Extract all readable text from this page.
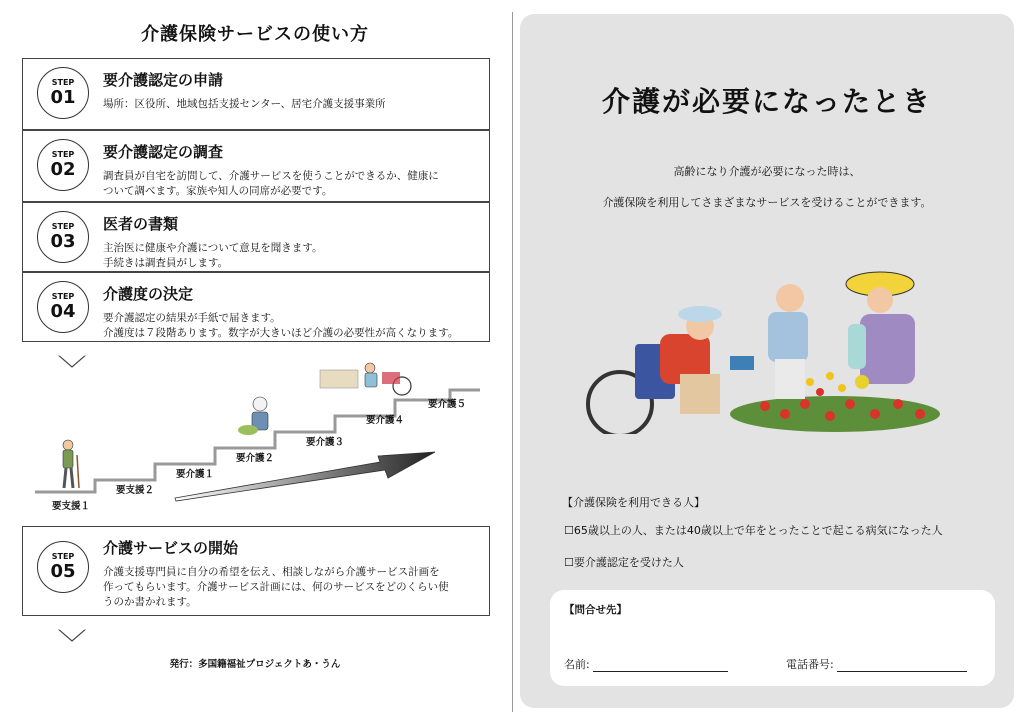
介護保険サービスの使い方
STEP
01
要介護認定の申請
場所：区役所、地域包括支援センター、居宅介護支援事業所
STEP
02
要介護認定の調査
調査員が自宅を訪問して、介護サービスを使うことができるか、健康に
ついて調べます。家族や知人の同席が必要です。
STEP
03
医者の書類
主治医に健康や介護について意見を聞きます。
手続きは調査員がします。
STEP
04
介護度の決定
要介護認定の結果が手紙で届きます。
介護度は７段階あります。数字が大きいほど介護の必要性が高くなります。
要支援１
要支援２
要介護１
要介護２
要介護３
要介護４
要介護５
STEP
05
介護サービスの開始
介護支援専門員に自分の希望を伝え、相談しながら介護サービス計画を
作ってもらいます。介護サービス計画には、何のサービスをどのくらい使
うのか書かれます。
発行：多国籍福祉プロジェクトあ・うん
介護が必要になったとき
高齢になり介護が必要になった時は、
介護保険を利用してさまざまなサービスを受けることができます。
【介護保険を利用できる人】
☐65歳以上の人、または40歳以上で年をとったことで起こる病気になった人
☐要介護認定を受けた人
【問合せ先】
名前:	電話番号:
